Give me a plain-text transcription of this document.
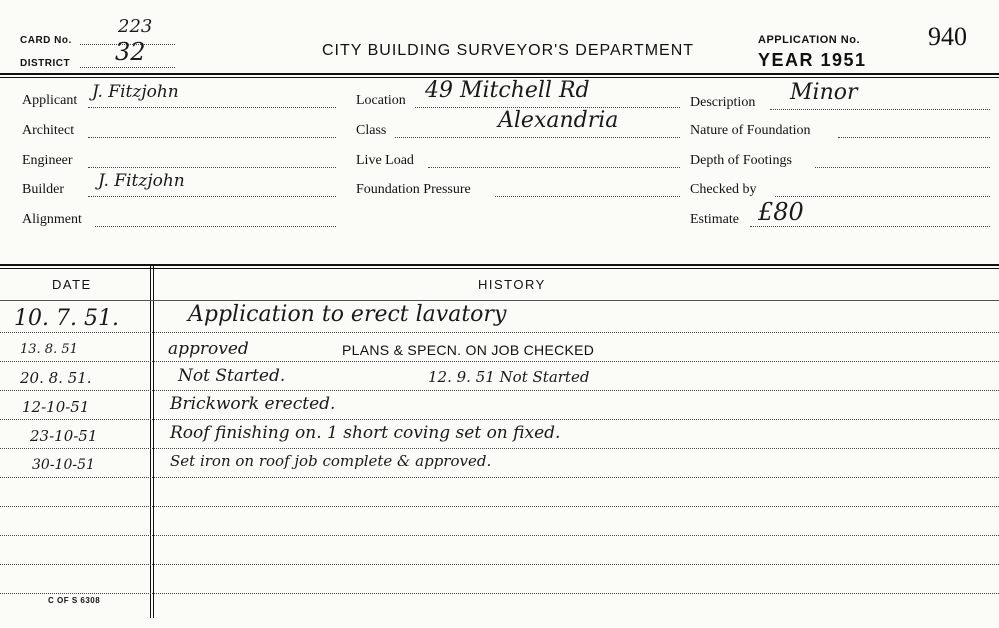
CARD No.
223
DISTRICT 32	CITY BUILDING SURVEYOR'S DEPARTMENT
APPLICATION No.	940
YEAR 1951
Applicant J. Fitzjohn
Architect
Engineer
Builder J. Fitzjohn
Alignment
Location 49 Mitchell Rd
Class	Alexandria
Live Load
Foundation Pressure
Description Minor
Nature of Foundation
Depth of Footings
Checked by
Estimate £80
DATE	HISTORY
10. 7. 51.	Application to erect lavatory
13. 8. 51	approved	PLANS & SPECN. ON JOB CHECKED
20. 8. 51.	Not Started.	12. 9. 51 Not Started
12-10-51	Brickwork erected.
23-10-51	Roof finishing on. 1 short coving set on fixed.
30-10-51	Set iron on roof job complete & approved.
C OF S 6308
